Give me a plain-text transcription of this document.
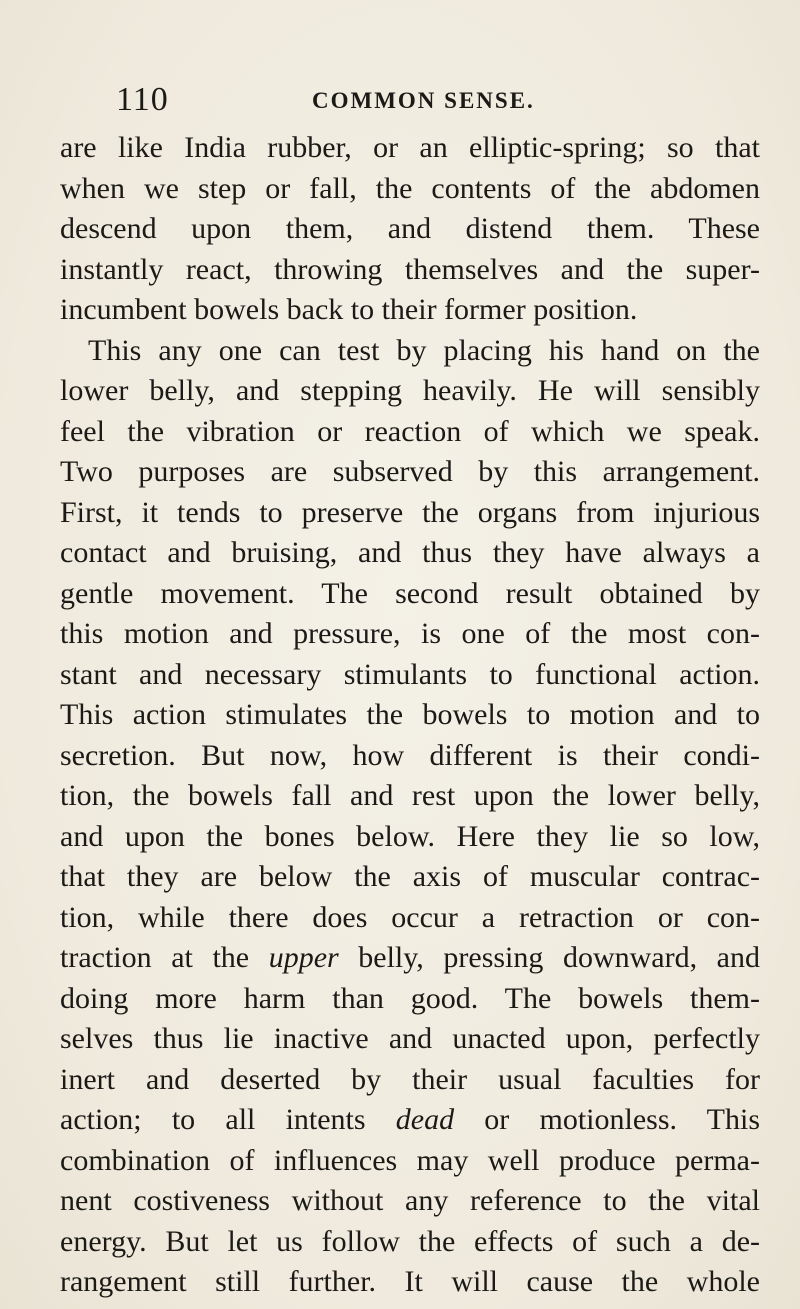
110	COMMON SENSE.
are like India rubber, or an elliptic-spring; so that
when we step or fall, the contents of the abdomen
descend upon them, and distend them. These
instantly react, throwing themselves and the super-
incumbent bowels back to their former position.
This any one can test by placing his hand on the
lower belly, and stepping heavily. He will sensibly
feel the vibration or reaction of which we speak.
Two purposes are subserved by this arrangement.
First, it tends to preserve the organs from injurious
contact and bruising, and thus they have always a
gentle movement. The second result obtained by
this motion and pressure, is one of the most con-
stant and necessary stimulants to functional action.
This action stimulates the bowels to motion and to
secretion. But now, how different is their condi-
tion, the bowels fall and rest upon the lower belly,
and upon the bones below. Here they lie so low,
that they are below the axis of muscular contrac-
tion, while there does occur a retraction or con-
traction at the upper belly, pressing downward, and
doing more harm than good. The bowels them-
selves thus lie inactive and unacted upon, perfectly
inert and deserted by their usual faculties for
action; to all intents dead or motionless. This
combination of influences may well produce perma-
nent costiveness without any reference to the vital
energy. But let us follow the effects of such a de-
rangement still further. It will cause the whole
